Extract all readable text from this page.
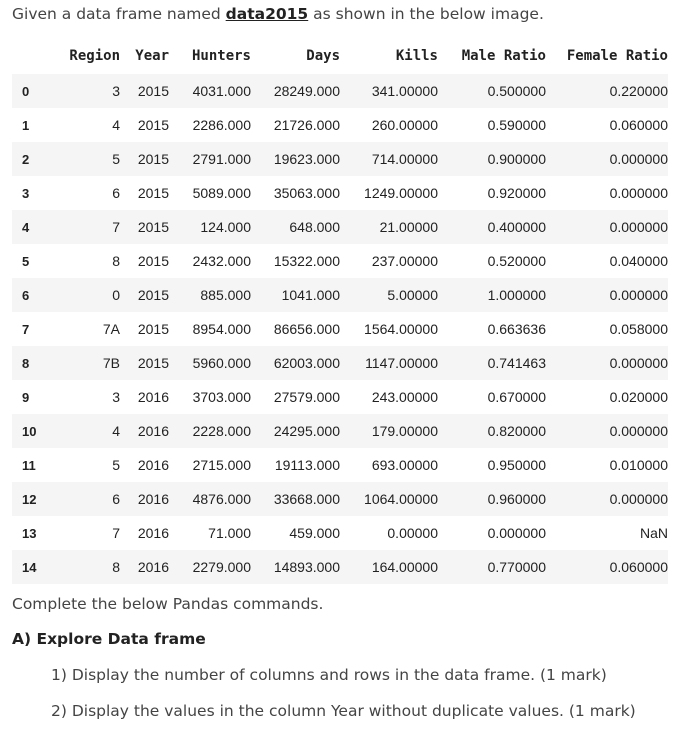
Given a data frame named data2015 as shown in the below image.
	Region	Year	Hunters	Days	Kills	Male Ratio	Female Ratio
0	3	2015	4031.000	28249.000	341.00000	0.500000	0.220000
1	4	2015	2286.000	21726.000	260.00000	0.590000	0.060000
2	5	2015	2791.000	19623.000	714.00000	0.900000	0.000000
3	6	2015	5089.000	35063.000	1249.00000	0.920000	0.000000
4	7	2015	124.000	648.000	21.00000	0.400000	0.000000
5	8	2015	2432.000	15322.000	237.00000	0.520000	0.040000
6	0	2015	885.000	1041.000	5.00000	1.000000	0.000000
7	7A	2015	8954.000	86656.000	1564.00000	0.663636	0.058000
8	7B	2015	5960.000	62003.000	1147.00000	0.741463	0.000000
9	3	2016	3703.000	27579.000	243.00000	0.670000	0.020000
10	4	2016	2228.000	24295.000	179.00000	0.820000	0.000000
11	5	2016	2715.000	19113.000	693.00000	0.950000	0.010000
12	6	2016	4876.000	33668.000	1064.00000	0.960000	0.000000
13	7	2016	71.000	459.000	0.00000	0.000000	NaN
14	8	2016	2279.000	14893.000	164.00000	0.770000	0.060000
Complete the below Pandas commands.
A) Explore Data frame
1) Display the number of columns and rows in the data frame. (1 mark)
2) Display the values in the column Year without duplicate values. (1 mark)
